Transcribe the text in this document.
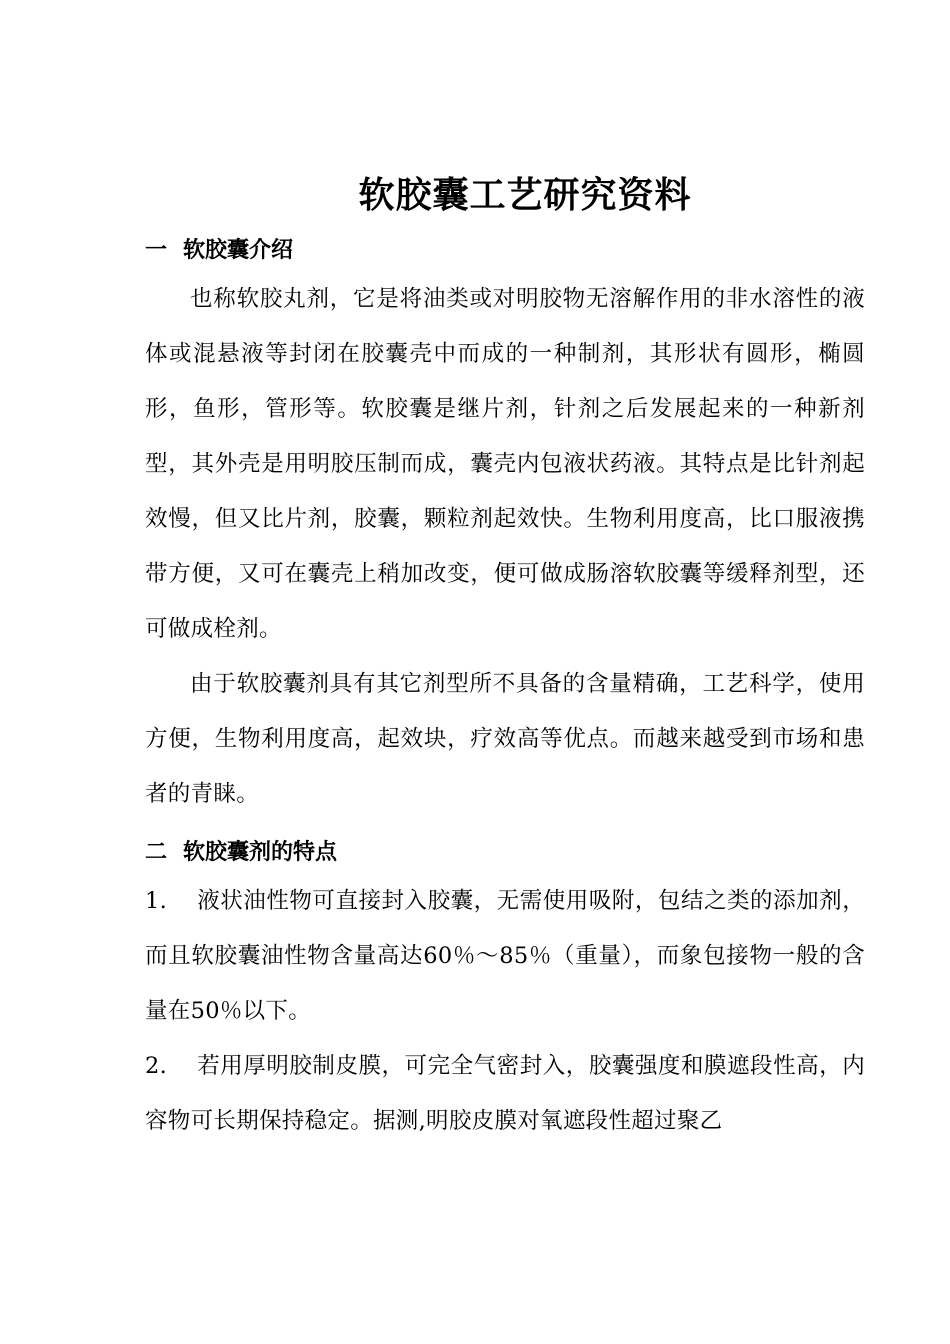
软胶囊工艺研究资料
一 软胶囊介绍

也称软胶丸剂，它是将油类或对明胶物无溶解作用的非水溶性的液体或混悬液等封闭在胶囊壳中而成的一种制剂，其形状有圆形，椭圆形，鱼形，管形等。软胶囊是继片剂，针剂之后发展起来的一种新剂型，其外壳是用明胶压制而成，囊壳内包液状药液。其特点是比针剂起效慢，但又比片剂，胶囊，颗粒剂起效快。生物利用度高，比口服液携带方便，又可在囊壳上稍加改变，便可做成肠溶软胶囊等缓释剂型，还可做成栓剂。

由于软胶囊剂具有其它剂型所不具备的含量精确，工艺科学，使用方便，生物利用度高，起效块，疗效高等优点。而越来越受到市场和患者的青睐。

二 软胶囊剂的特点

1. 液状油性物可直接封入胶囊，无需使用吸附，包结之类的添加剂，而且软胶囊油性物含量高达60％～85％（重量），而象包接物一般的含量在50％以下。

2. 若用厚明胶制皮膜，可完全气密封入，胶囊强度和膜遮段性高，内容物可长期保持稳定。据测,明胶皮膜对氧遮段性超过聚乙
